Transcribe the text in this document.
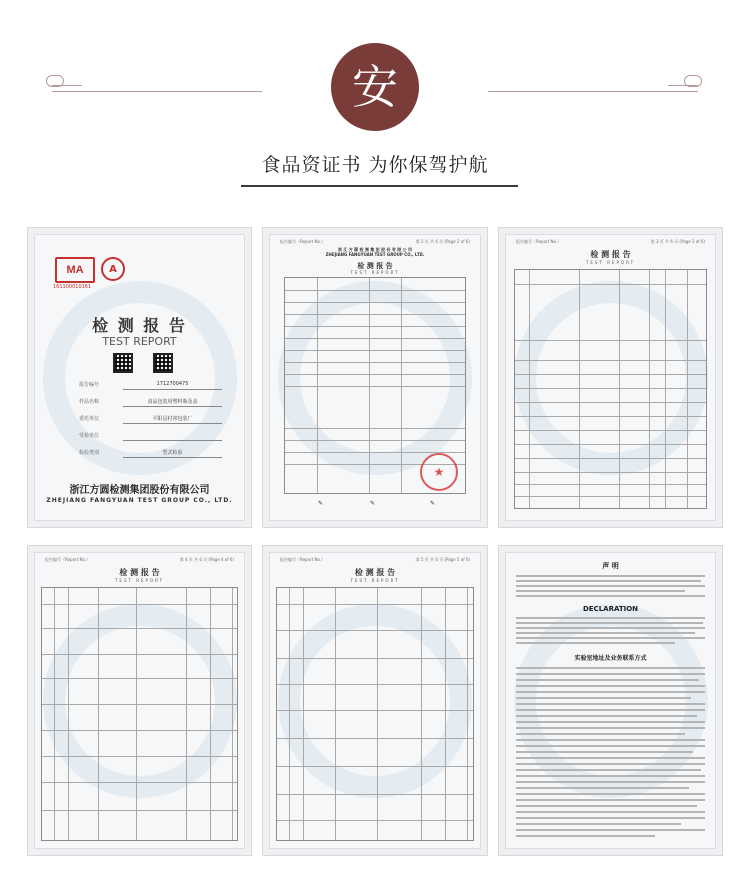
安
食品资证书 为你保驾护航
MA
161100010161
A
检 测 报 告
TEST REPORT
报告编号	1712700475
样品名称	食品包装用塑料瓶及盖
委托单位	平阳县村祁包装厂
受检单位
检验类别	型式检验
浙江方圆检测集团股份有限公司
ZHEJIANG FANGYUAN TEST GROUP CO., LTD.
报告编号（Report No.）	第 2 页 共 6 页 (Page 2 of 6)
浙 江 方 圆 检 测 集 团 股 份 有 限 公 司
ZHEJIANG FANGYUAN TEST GROUP CO., LTD.
检 测 报 告
TEST REPORT
★
✎	✎	✎
报告编号（Report No.）	第 3 页 共 6 页 (Page 3 of 6)
检 测 报 告
TEST REPORT
报告编号（Report No.）	第 4 页 共 6 页 (Page 4 of 6)
检 测 报 告
TEST REPORT
报告编号（Report No.）	第 5 页 共 6 页 (Page 5 of 6)
检 测 报 告
TEST REPORT
声 明
DECLARATION
实验室地址及业务联系方式
